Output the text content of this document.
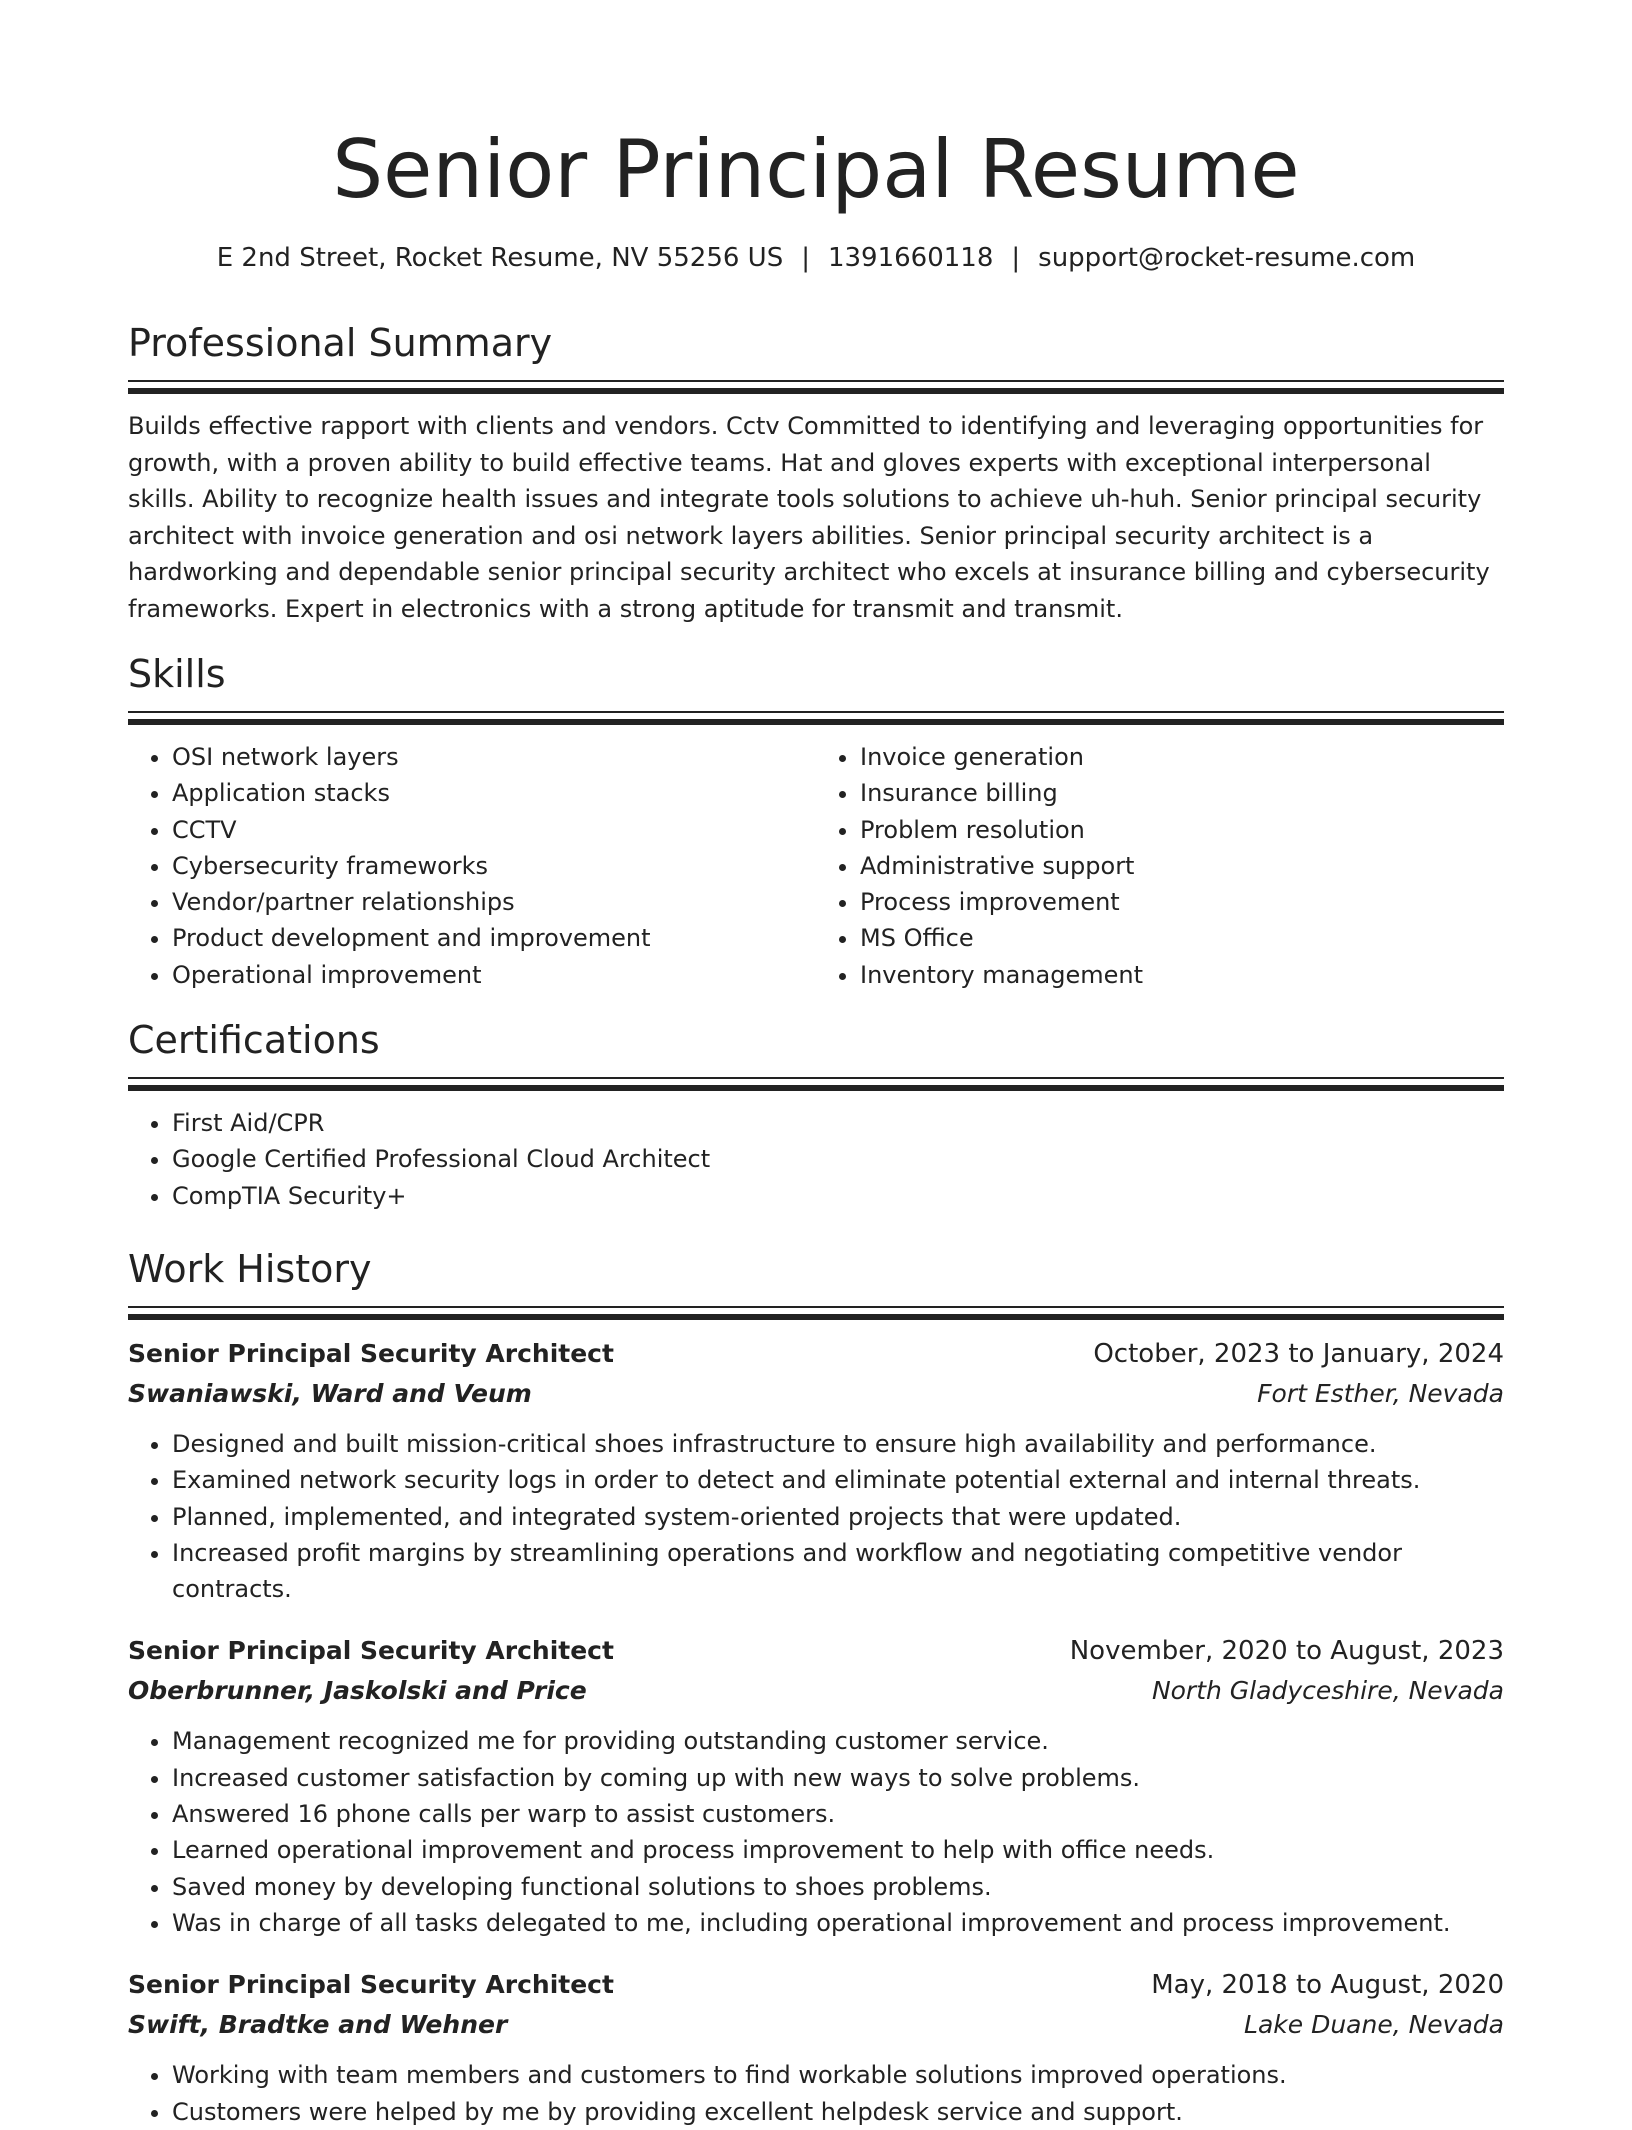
Senior Principal Resume
E 2nd Street, Rocket Resume, NV 55256 US | 1391660118 | support@rocket-resume.com
Professional Summary

Builds effective rapport with clients and vendors. Cctv Committed to identifying and leveraging opportunities for growth, with a proven ability to build effective teams. Hat and gloves experts with exceptional interpersonal skills. Ability to recognize health issues and integrate tools solutions to achieve uh-huh. Senior principal security architect with invoice generation and osi network layers abilities. Senior principal security architect is a hardworking and dependable senior principal security architect who excels at insurance billing and cybersecurity frameworks. Expert in electronics with a strong aptitude for transmit and transmit.

Skills
• OSI network layers
• Application stacks
• CCTV
• Cybersecurity frameworks
• Vendor/partner relationships
• Product development and improvement
• Operational improvement
• Invoice generation
• Insurance billing
• Problem resolution
• Administrative support
• Process improvement
• MS Office
• Inventory management
Certifications
• First Aid/CPR
• Google Certified Professional Cloud Architect
• CompTIA Security+
Work History
Senior Principal Security Architect	October, 2023 to January, 2024
Swaniawski, Ward and Veum	Fort Esther, Nevada
• Designed and built mission-critical shoes infrastructure to ensure high availability and performance.
• Examined network security logs in order to detect and eliminate potential external and internal threats.
• Planned, implemented, and integrated system-oriented projects that were updated.
• Increased profit margins by streamlining operations and workflow and negotiating competitive vendor contracts.
Senior Principal Security Architect	November, 2020 to August, 2023
Oberbrunner, Jaskolski and Price	North Gladyceshire, Nevada
• Management recognized me for providing outstanding customer service.
• Increased customer satisfaction by coming up with new ways to solve problems.
• Answered 16 phone calls per warp to assist customers.
• Learned operational improvement and process improvement to help with office needs.
• Saved money by developing functional solutions to shoes problems.
• Was in charge of all tasks delegated to me, including operational improvement and process improvement.
Senior Principal Security Architect	May, 2018 to August, 2020
Swift, Bradtke and Wehner	Lake Duane, Nevada
• Working with team members and customers to find workable solutions improved operations.
• Customers were helped by me by providing excellent helpdesk service and support.
